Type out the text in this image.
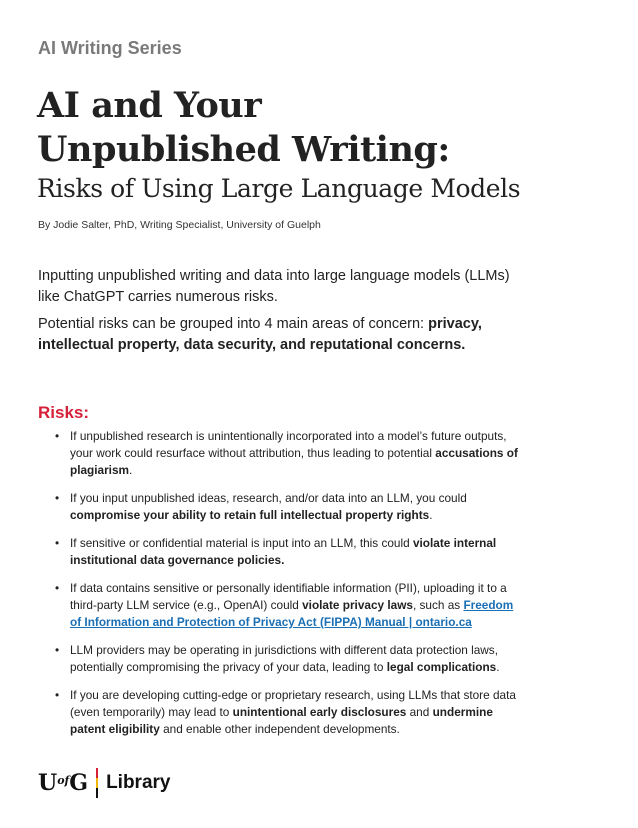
AI Writing Series
AI and Your
Unpublished Writing:
Risks of Using Large Language Models
By Jodie Salter, PhD, Writing Specialist, University of Guelph

Inputting unpublished writing and data into large language models (LLMs) like ChatGPT carries numerous risks.

Potential risks can be grouped into 4 main areas of concern: privacy, intellectual property, data security, and reputational concerns.

Risks:
• If unpublished research is unintentionally incorporated into a model’s future outputs, your work could resurface without attribution, thus leading to potential accusations of plagiarism.
• If you input unpublished ideas, research, and/or data into an LLM, you could compromise your ability to retain full intellectual property rights.
• If sensitive or confidential material is input into an LLM, this could violate internal institutional data governance policies.
• If data contains sensitive or personally identifiable information (PII), uploading it to a third-party LLM service (e.g., OpenAI) could violate privacy laws, such as Freedom of Information and Protection of Privacy Act (FIPPA) Manual | ontario.ca
• LLM providers may be operating in jurisdictions with different data protection laws, potentially compromising the privacy of your data, leading to legal complications.
• If you are developing cutting-edge or proprietary research, using LLMs that store data (even temporarily) may lead to unintentional early disclosures and undermine patent eligibility and enable other independent developments.
$U^{of}G$ Library
